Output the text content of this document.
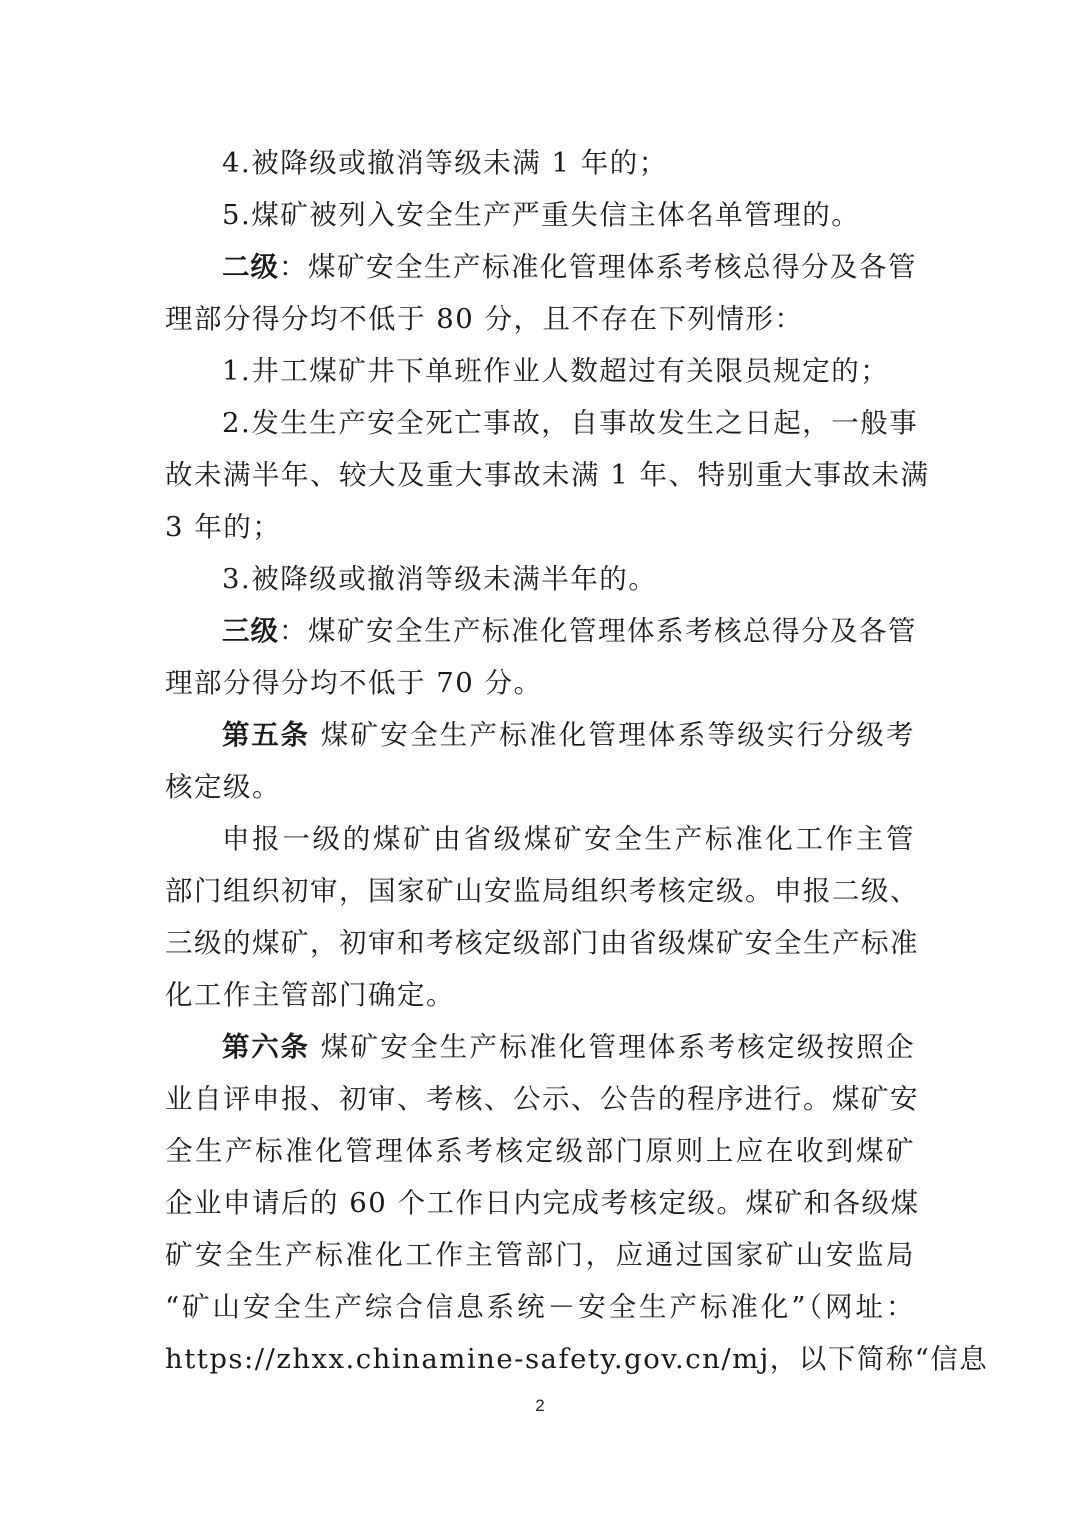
4.被降级或撤消等级未满 1 年的；
5.煤矿被列入安全生产严重失信主体名单管理的。
二级：煤矿安全生产标准化管理体系考核总得分及各管
理部分得分均不低于 80 分，且不存在下列情形：
1.井工煤矿井下单班作业人数超过有关限员规定的；
2.发生生产安全死亡事故，自事故发生之日起，一般事
故未满半年、较大及重大事故未满 1 年、特别重大事故未满
3 年的；
3.被降级或撤消等级未满半年的。
三级：煤矿安全生产标准化管理体系考核总得分及各管
理部分得分均不低于 70 分。
第五条 煤矿安全生产标准化管理体系等级实行分级考
核定级。
申报一级的煤矿由省级煤矿安全生产标准化工作主管
部门组织初审，国家矿山安监局组织考核定级。申报二级、
三级的煤矿，初审和考核定级部门由省级煤矿安全生产标准
化工作主管部门确定。
第六条 煤矿安全生产标准化管理体系考核定级按照企
业自评申报、初审、考核、公示、公告的程序进行。煤矿安
全生产标准化管理体系考核定级部门原则上应在收到煤矿
企业申请后的 60 个工作日内完成考核定级。煤矿和各级煤
矿安全生产标准化工作主管部门，应通过国家矿山安监局
“矿山安全生产综合信息系统－安全生产标准化”（网址：
https://zhxx.chinamine-safety.gov.cn/mj，以下简称“信息
2
